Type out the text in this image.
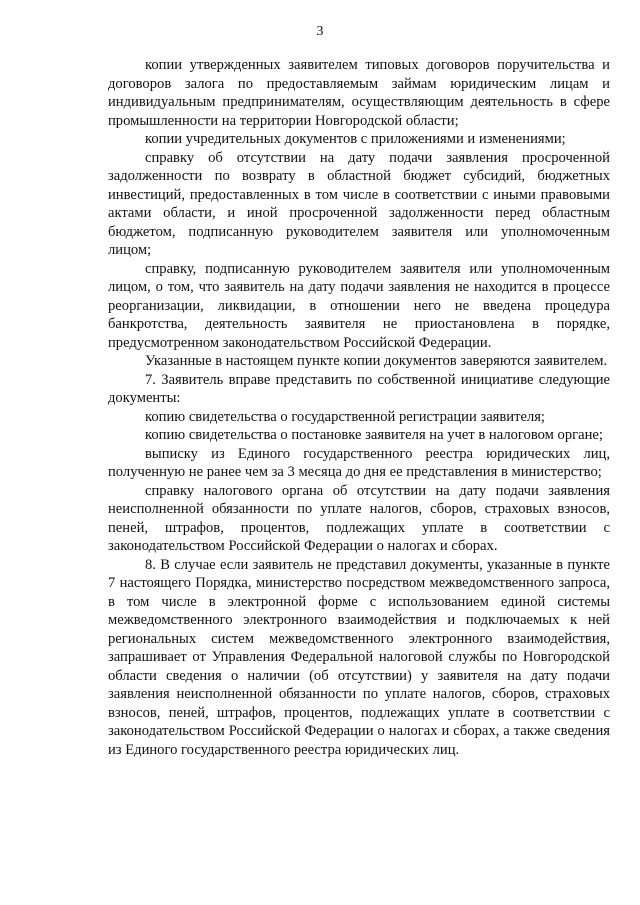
3

копии утвержденных заявителем типовых договоров поручительства и договоров залога по предоставляемым займам юридическим лицам и индивидуальным предпринимателям, осуществляющим деятельность в сфере промышленности на территории Новгородской области;

копии учредительных документов с приложениями и изменениями;

справку об отсутствии на дату подачи заявления просроченной задолженности по возврату в областной бюджет субсидий, бюджетных инвестиций, предоставленных в том числе в соответствии с иными правовыми актами области, и иной просроченной задолженности перед областным бюджетом, подписанную руководителем заявителя или уполномоченным лицом;

справку, подписанную руководителем заявителя или уполномоченным лицом, о том, что заявитель на дату подачи заявления не находится в процессе реорганизации, ликвидации, в отношении него не введена процедура банкротства, деятельность заявителя не приостановлена в порядке, предусмотренном законодательством Российской Федерации.

Указанные в настоящем пункте копии документов заверяются заявителем.

7. Заявитель вправе представить по собственной инициативе следующие документы:

копию свидетельства о государственной регистрации заявителя;

копию свидетельства о постановке заявителя на учет в налоговом органе;

выписку из Единого государственного реестра юридических лиц, полученную не ранее чем за 3 месяца до дня ее представления в министерство;

справку налогового органа об отсутствии на дату подачи заявления неисполненной обязанности по уплате налогов, сборов, страховых взносов, пеней, штрафов, процентов, подлежащих уплате в соответствии с законодательством Российской Федерации о налогах и сборах.

8. В случае если заявитель не представил документы, указанные в пункте 7 настоящего Порядка, министерство посредством межведомственного запроса, в том числе в электронной форме с использованием единой системы межведомственного электронного взаимодействия и подключаемых к ней региональных систем межведомственного электронного взаимодействия, запрашивает от Управления Федеральной налоговой службы по Новгородской области сведения о наличии (об отсутствии) у заявителя на дату подачи заявления неисполненной обязанности по уплате налогов, сборов, страховых взносов, пеней, штрафов, процентов, подлежащих уплате в соответствии с законодательством Российской Федерации о налогах и сборах, а также сведения из Единого государственного реестра юридических лиц.
